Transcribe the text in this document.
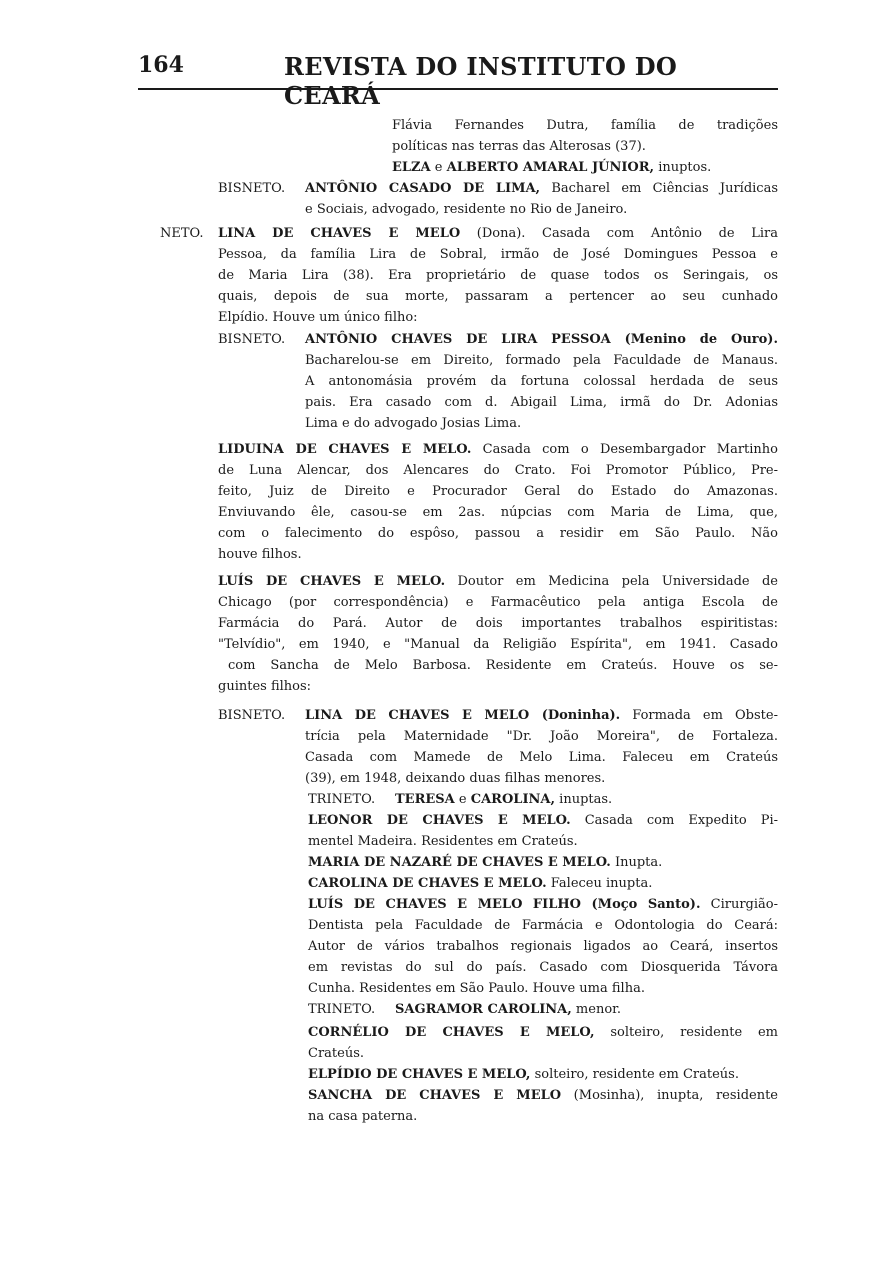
164	REVISTA DO INSTITUTO DO CEARÁ
BISNETO.
NETO.
BISNETO.
BISNETO.
TRINETO.
TRINETO.
Flávia Fernandes Dutra, família de tradições
políticas nas terras das Alterosas (37).
ELZA e ALBERTO AMARAL JÚNIOR, inuptos.
ANTÔNIO CASADO DE LIMA, Bacharel em Ciências Jurídicas
e Sociais, advogado, residente no Rio de Janeiro.
LINA DE CHAVES E MELO (Dona). Casada com Antônio de Lira
Pessoa, da família Lira de Sobral, irmão de José Domingues Pessoa e
de Maria Lira (38). Era proprietário de quase todos os Seringais, os
quais, depois de sua morte, passaram a pertencer ao seu cunhado
Elpídio. Houve um único filho:
ANTÔNIO CHAVES DE LIRA PESSOA (Menino de Ouro).
Bacharelou-se em Direito, formado pela Faculdade de Manaus.
A antonomásia provém da fortuna colossal herdada de seus
pais. Era casado com d. Abigail Lima, irmã do Dr. Adonias
Lima e do advogado Josias Lima.
LIDUINA DE CHAVES E MELO. Casada com o Desembargador Martinho
de Luna Alencar, dos Alencares do Crato. Foi Promotor Público, Pre-
feito, Juiz de Direito e Procurador Geral do Estado do Amazonas.
Enviuvando êle, casou-se em 2as. núpcias com Maria de Lima, que,
com o falecimento do espôso, passou a residir em São Paulo. Não
houve filhos.
LUÍS DE CHAVES E MELO. Doutor em Medicina pela Universidade de
Chicago (por correspondência) e Farmacêutico pela antiga Escola de
Farmácia do Pará. Autor de dois importantes trabalhos espiritistas:
"Telvídio", em 1940, e "Manual da Religião Espírita", em 1941. Casado
com Sancha de Melo Barbosa. Residente em Crateús. Houve os se-
guintes filhos:
LINA DE CHAVES E MELO (Doninha). Formada em Obste-
trícia pela Maternidade "Dr. João Moreira", de Fortaleza.
Casada com Mamede de Melo Lima. Faleceu em Crateús
(39), em 1948, deixando duas filhas menores.
TERESA e CAROLINA, inuptas.
LEONOR DE CHAVES E MELO. Casada com Expedito Pi-
mentel Madeira. Residentes em Crateús.
MARIA DE NAZARÉ DE CHAVES E MELO. Inupta.
CAROLINA DE CHAVES E MELO. Faleceu inupta.
LUÍS DE CHAVES E MELO FILHO (Moço Santo). Cirurgião-
Dentista pela Faculdade de Farmácia e Odontologia do Ceará:
Autor de vários trabalhos regionais ligados ao Ceará, insertos
em revistas do sul do país. Casado com Diosquerida Távora
Cunha. Residentes em São Paulo. Houve uma filha.
SAGRAMOR CAROLINA, menor.
CORNÉLIO DE CHAVES E MELO, solteiro, residente em
Crateús.
ELPÍDIO DE CHAVES E MELO, solteiro, residente em Crateús.
SANCHA DE CHAVES E MELO (Mosinha), inupta, residente
na casa paterna.
